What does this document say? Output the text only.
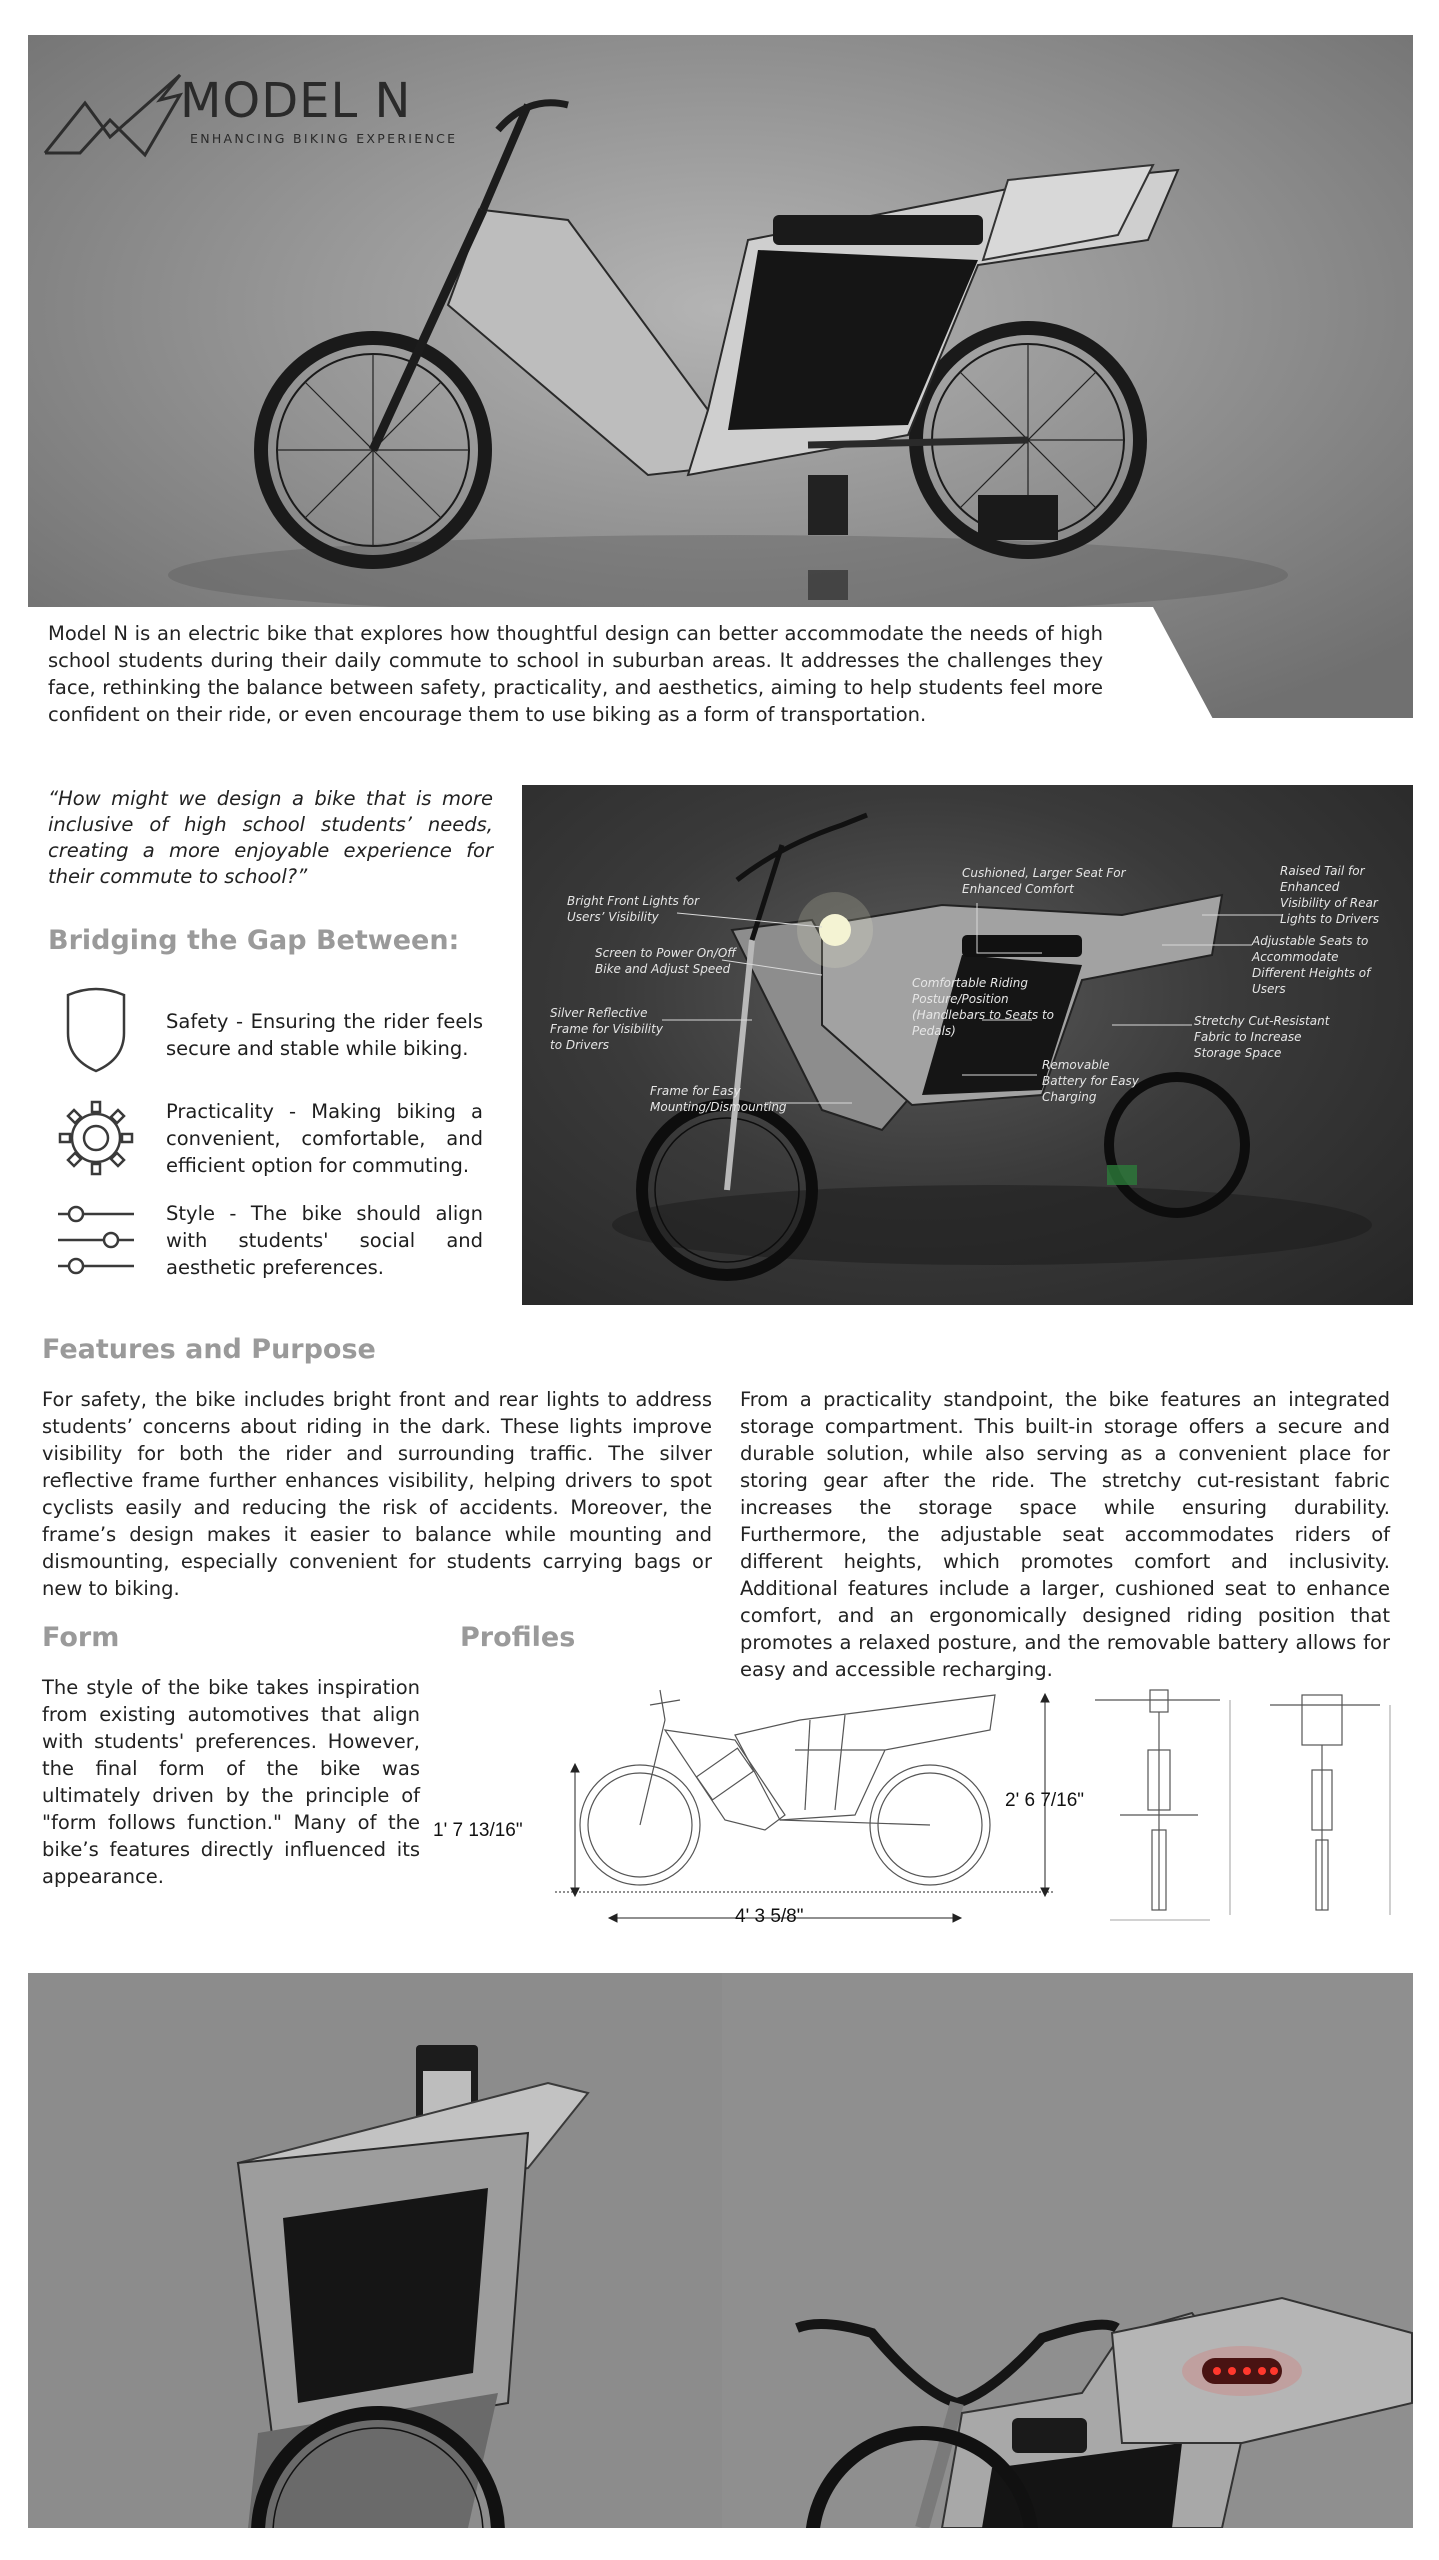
MODEL N
ENHANCING BIKING EXPERIENCE
Model N is an electric bike that explores how thoughtful design can better accommodate the needs of high school students during their daily commute to school in suburban areas. It addresses the challenges they face, rethinking the balance between safety, practicality, and aesthetics, aiming to help students feel more confident on their ride, or even encourage them to use biking as a form of transportation.
“How might we design a bike that is more inclusive of high school students’ needs, creating a more enjoyable experience for their commute to school?”
Bridging the Gap Between:
Safety - Ensuring the rider feels secure and stable while biking.
Practicality - Making biking a convenient, comfortable, and efficient option for commuting.
Style - The bike should align with students' social and aesthetic preferences.
Bright Front Lights for Users’ Visibility
Screen to Power On/Off Bike and Adjust Speed
Silver Reflective Frame for Visibility to Drivers
Frame for Easy Mounting/Dismounting
Cushioned, Larger Seat For Enhanced Comfort
Comfortable Riding Posture/Position (Handlebars to Seats to Pedals)
Removable Battery for Easy Charging
Raised Tail for Enhanced Visibility of Rear Lights to Drivers
Adjustable Seats to Accommodate Different Heights of Users
Stretchy Cut-Resistant Fabric to Increase Storage Space
Features and Purpose
For safety, the bike includes bright front and rear lights to address students’ concerns about riding in the dark. These lights improve visibility for both the rider and surrounding traffic. The silver reflective frame further enhances visibility, helping drivers to spot cyclists easily and reducing the risk of accidents. Moreover, the frame’s design makes it easier to balance while mounting and dismounting, especially convenient for students carrying bags or new to biking.
From a practicality standpoint, the bike features an integrated storage compartment. This built-in storage offers a secure and durable solution, while also serving as a convenient place for storing gear after the ride. The stretchy cut-resistant fabric increases the storage space while ensuring durability. Furthermore, the adjustable seat accommodates riders of different heights, which promotes comfort and inclusivity. Additional features include a larger, cushioned seat to enhance comfort, and an ergonomically designed riding position that promotes a relaxed posture, and the removable battery allows for easy and accessible recharging.
Form
The style of the bike takes inspiration from existing automotives that align with students' preferences. However, the final form of the bike was ultimately driven by the principle of "form follows function." Many of the bike’s features directly influenced its appearance.
Profiles
1' 7 13/16"
2' 6 7/16"
4' 3 5/8"
